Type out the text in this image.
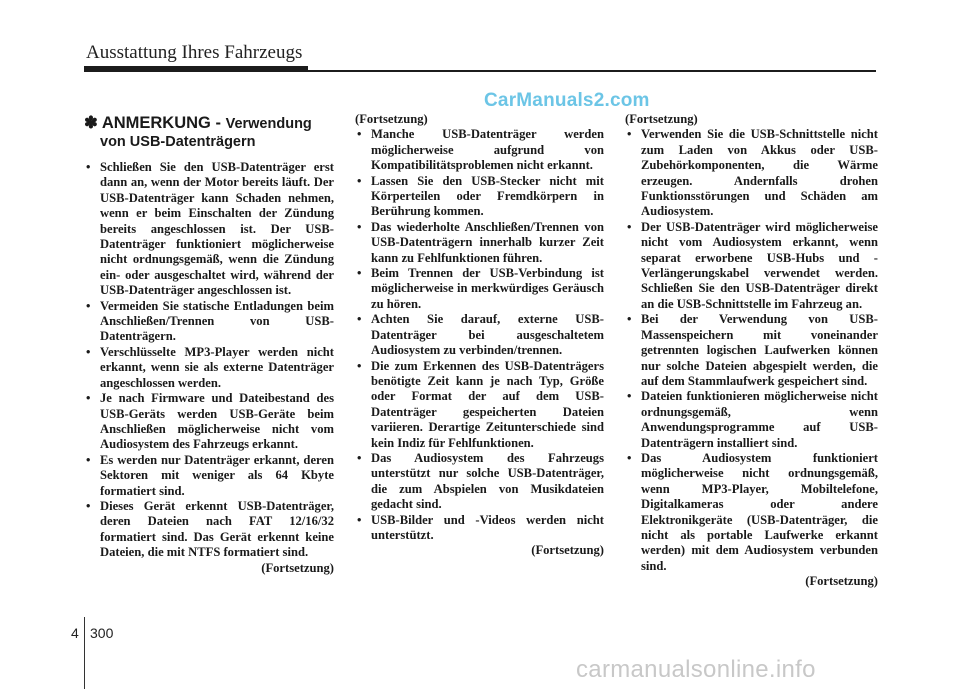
Ausstattung Ihres Fahrzeugs
CarManuals2.com
✽ ANMERKUNG - Verwendung
von USB-Datenträgern
• Schließen Sie den USB-Datenträger erst dann an, wenn der Motor bereits läuft. Der USB-Datenträger kann Schaden nehmen, wenn er beim Einschalten der Zündung bereits angeschlossen ist. Der USB-Datenträger funktioniert möglicherweise nicht ordnungsgemäß, wenn die Zündung ein- oder ausgeschaltet wird, während der USB-Datenträger angeschlossen ist.
• Vermeiden Sie statische Entladungen beim Anschließen/Trennen von USB-Datenträgern.
• Verschlüsselte MP3-Player werden nicht erkannt, wenn sie als externe Datenträger angeschlossen werden.
• Je nach Firmware und Dateibestand des USB-Geräts werden USB-Geräte beim Anschließen möglicherweise nicht vom Audiosystem des Fahrzeugs erkannt.
• Es werden nur Datenträger erkannt, deren Sektoren mit weniger als 64 Kbyte formatiert sind.
• Dieses Gerät erkennt USB-Datenträger, deren Dateien nach FAT 12/16/32 formatiert sind. Das Gerät erkennt keine Dateien, die mit NTFS formatiert sind.

(Fortsetzung)

(Fortsetzung)

• Manche USB-Datenträger werden möglicherweise aufgrund von Kompatibilitätsproblemen nicht erkannt.
• Lassen Sie den USB-Stecker nicht mit Körperteilen oder Fremdkörpern in Berührung kommen.
• Das wiederholte Anschließen/Trennen von USB-Datenträgern innerhalb kurzer Zeit kann zu Fehlfunktionen führen.
• Beim Trennen der USB-Verbindung ist möglicherweise in merkwürdiges Geräusch zu hören.
• Achten Sie darauf, externe USB-Datenträger bei ausgeschaltetem Audiosystem zu verbinden/trennen.
• Die zum Erkennen des USB-Datenträgers benötigte Zeit kann je nach Typ, Größe oder Format der auf dem USB-Datenträger gespeicherten Dateien variieren. Derartige Zeitunterschiede sind kein Indiz für Fehlfunktionen.
• Das Audiosystem des Fahrzeugs unterstützt nur solche USB-Datenträger, die zum Abspielen von Musikdateien gedacht sind.
• USB-Bilder und -Videos werden nicht unterstützt.

(Fortsetzung)

(Fortsetzung)

• Verwenden Sie die USB-Schnittstelle nicht zum Laden von Akkus oder USB-Zubehörkomponenten, die Wärme erzeugen. Andernfalls drohen Funktionsstörungen und Schäden am Audiosystem.
• Der USB-Datenträger wird möglicherweise nicht vom Audiosystem erkannt, wenn separat erworbene USB-Hubs und -Verlängerungskabel verwendet werden. Schließen Sie den USB-Datenträger direkt an die USB-Schnittstelle im Fahrzeug an.
• Bei der Verwendung von USB-Massenspeichern mit voneinander getrennten logischen Laufwerken können nur solche Dateien abgespielt werden, die auf dem Stammlaufwerk gespeichert sind.
• Dateien funktionieren möglicherweise nicht ordnungsgemäß, wenn Anwendungsprogramme auf USB-Datenträgern installiert sind.
• Das Audiosystem funktioniert möglicherweise nicht ordnungsgemäß, wenn MP3-Player, Mobiltelefone, Digitalkameras oder andere Elektronikgeräte (USB-Datenträger, die nicht als portable Laufwerke erkannt werden) mit dem Audiosystem verbunden sind.

(Fortsetzung)

4 300
carmanualsonline.info
